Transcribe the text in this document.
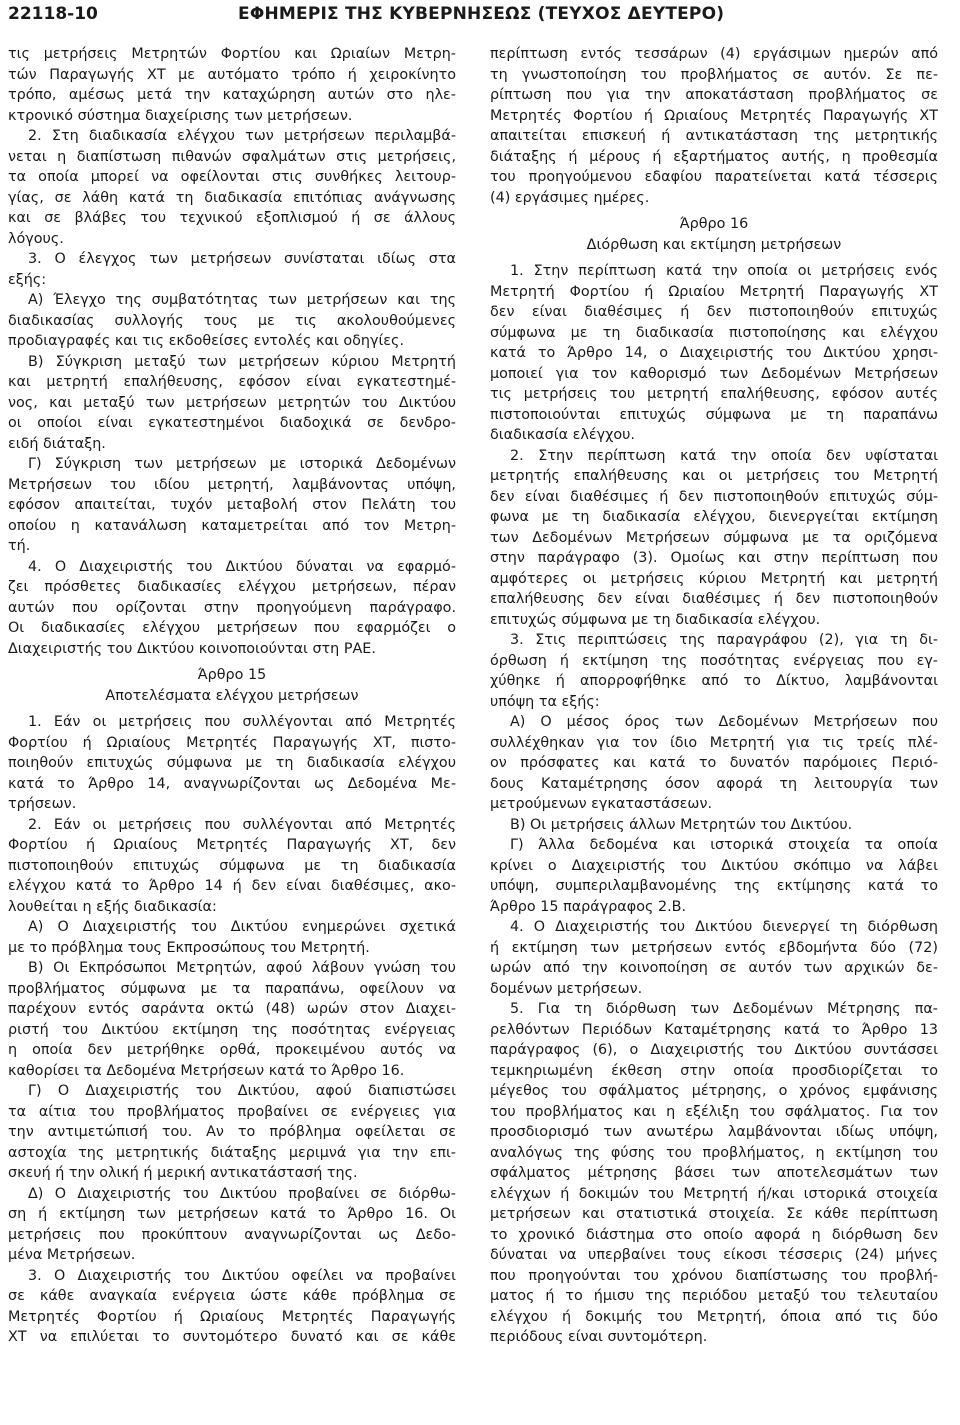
22118-10	ΕΦΗΜΕΡΙΣ ΤΗΣ ΚΥΒΕΡΝΗΣΕΩΣ (ΤΕΥΧΟΣ ΔΕΥΤΕΡΟ)

τις μετρήσεις Μετρητών Φορτίου και Ωριαίων Μετρη-

τών Παραγωγής ΧΤ με αυτόματο τρόπο ή χειροκίνητο

τρόπο, αμέσως μετά την καταχώρηση αυτών στο ηλε-

κτρονικό σύστημα διαχείρισης των μετρήσεων.

2. Στη διαδικασία ελέγχου των μετρήσεων περιλαμβά-

νεται η διαπίστωση πιθανών σφαλμάτων στις μετρήσεις,

τα οποία μπορεί να οφείλονται στις συνθήκες λειτουρ-

γίας, σε λάθη κατά τη διαδικασία επιτόπιας ανάγνωσης

και σε βλάβες του τεχνικού εξοπλισμού ή σε άλλους

λόγους.

3. Ο έλεγχος των μετρήσεων συνίσταται ιδίως στα

εξής:

Α) Έλεγχο της συμβατότητας των μετρήσεων και της

διαδικασίας συλλογής τους με τις ακολουθούμενες

προδιαγραφές και τις εκδοθείσες εντολές και οδηγίες.

Β) Σύγκριση μεταξύ των μετρήσεων κύριου Μετρητή

και μετρητή επαλήθευσης, εφόσον είναι εγκατεστημέ-

νος, και μεταξύ των μετρήσεων μετρητών του Δικτύου

οι οποίοι είναι εγκατεστημένοι διαδοχικά σε δενδρο-

ειδή διάταξη.

Γ) Σύγκριση των μετρήσεων με ιστορικά Δεδομένων

Μετρήσεων του ιδίου μετρητή, λαμβάνοντας υπόψη,

εφόσον απαιτείται, τυχόν μεταβολή στον Πελάτη του

οποίου η κατανάλωση καταμετρείται από τον Μετρη-

τή.

4. Ο Διαχειριστής του Δικτύου δύναται να εφαρμό-

ζει πρόσθετες διαδικασίες ελέγχου μετρήσεων, πέραν

αυτών που ορίζονται στην προηγούμενη παράγραφο.

Οι διαδικασίες ελέγχου μετρήσεων που εφαρμόζει ο

Διαχειριστής του Δικτύου κοινοποιούνται στη ΡΑΕ.

Άρθρο 15

Αποτελέσματα ελέγχου μετρήσεων

1. Εάν οι μετρήσεις που συλλέγονται από Μετρητές

Φορτίου ή Ωριαίους Μετρητές Παραγωγής ΧΤ, πιστο-

ποιηθούν επιτυχώς σύμφωνα με τη διαδικασία ελέγχου

κατά το Άρθρο 14, αναγνωρίζονται ως Δεδομένα Με-

τρήσεων.

2. Εάν οι μετρήσεις που συλλέγονται από Μετρητές

Φορτίου ή Ωριαίους Μετρητές Παραγωγής ΧΤ, δεν

πιστοποιηθούν επιτυχώς σύμφωνα με τη διαδικασία

ελέγχου κατά το Άρθρο 14 ή δεν είναι διαθέσιμες, ακο-

λουθείται η εξής διαδικασία:

Α) Ο Διαχειριστής του Δικτύου ενημερώνει σχετικά

με το πρόβλημα τους Εκπροσώπους του Μετρητή.

Β) Οι Εκπρόσωποι Μετρητών, αφού λάβουν γνώση του

προβλήματος σύμφωνα με τα παραπάνω, οφείλουν να

παρέχουν εντός σαράντα οκτώ (48) ωρών στον Διαχει-

ριστή του Δικτύου εκτίμηση της ποσότητας ενέργειας

η οποία δεν μετρήθηκε ορθά, προκειμένου αυτός να

καθορίσει τα Δεδομένα Μετρήσεων κατά το Άρθρο 16.

Γ) Ο Διαχειριστής του Δικτύου, αφού διαπιστώσει

τα αίτια του προβλήματος προβαίνει σε ενέργειες για

την αντιμετώπισή του. Αν το πρόβλημα οφείλεται σε

αστοχία της μετρητικής διάταξης μεριμνά για την επι-

σκευή ή την ολική ή μερική αντικατάστασή της.

Δ) Ο Διαχειριστής του Δικτύου προβαίνει σε διόρθω-

ση ή εκτίμηση των μετρήσεων κατά το Άρθρο 16. Οι

μετρήσεις που προκύπτουν αναγνωρίζονται ως Δεδο-

μένα Μετρήσεων.

3. Ο Διαχειριστής του Δικτύου οφείλει να προβαίνει

σε κάθε αναγκαία ενέργεια ώστε κάθε πρόβλημα σε

Μετρητές Φορτίου ή Ωριαίους Μετρητές Παραγωγής

ΧΤ να επιλύεται το συντομότερο δυνατό και σε κάθε

περίπτωση εντός τεσσάρων (4) εργάσιμων ημερών από

τη γνωστοποίηση του προβλήματος σε αυτόν. Σε πε-

ρίπτωση που για την αποκατάσταση προβλήματος σε

Μετρητές Φορτίου ή Ωριαίους Μετρητές Παραγωγής ΧΤ

απαιτείται επισκευή ή αντικατάσταση της μετρητικής

διάταξης ή μέρους ή εξαρτήματος αυτής, η προθεσμία

του προηγούμενου εδαφίου παρατείνεται κατά τέσσερις

(4) εργάσιμες ημέρες.

Άρθρο 16

Διόρθωση και εκτίμηση μετρήσεων

1. Στην περίπτωση κατά την οποία οι μετρήσεις ενός

Μετρητή Φορτίου ή Ωριαίου Μετρητή Παραγωγής ΧΤ

δεν είναι διαθέσιμες ή δεν πιστοποιηθούν επιτυχώς

σύμφωνα με τη διαδικασία πιστοποίησης και ελέγχου

κατά το Άρθρο 14, ο Διαχειριστής του Δικτύου χρησι-

μοποιεί για τον καθορισμό των Δεδομένων Μετρήσεων

τις μετρήσεις του μετρητή επαλήθευσης, εφόσον αυτές

πιστοποιούνται επιτυχώς σύμφωνα με τη παραπάνω

διαδικασία ελέγχου.

2. Στην περίπτωση κατά την οποία δεν υφίσταται

μετρητής επαλήθευσης και οι μετρήσεις του Μετρητή

δεν είναι διαθέσιμες ή δεν πιστοποιηθούν επιτυχώς σύμ-

φωνα με τη διαδικασία ελέγχου, διενεργείται εκτίμηση

των Δεδομένων Μετρήσεων σύμφωνα με τα οριζόμενα

στην παράγραφο (3). Ομοίως και στην περίπτωση που

αμφότερες οι μετρήσεις κύριου Μετρητή και μετρητή

επαλήθευσης δεν είναι διαθέσιμες ή δεν πιστοποιηθούν

επιτυχώς σύμφωνα με τη διαδικασία ελέγχου.

3. Στις περιπτώσεις της παραγράφου (2), για τη δι-

όρθωση ή εκτίμηση της ποσότητας ενέργειας που εγ-

χύθηκε ή απορροφήθηκε από το Δίκτυο, λαμβάνονται

υπόψη τα εξής:

Α) Ο μέσος όρος των Δεδομένων Μετρήσεων που

συλλέχθηκαν για τον ίδιο Μετρητή για τις τρείς πλέ-

ον πρόσφατες και κατά το δυνατόν παρόμοιες Περιό-

δους Καταμέτρησης όσον αφορά τη λειτουργία των

μετρούμενων εγκαταστάσεων.

Β) Οι μετρήσεις άλλων Μετρητών του Δικτύου.

Γ) Άλλα δεδομένα και ιστορικά στοιχεία τα οποία

κρίνει ο Διαχειριστής του Δικτύου σκόπιμο να λάβει

υπόψη, συμπεριλαμβανομένης της εκτίμησης κατά το

Άρθρο 15 παράγραφος 2.Β.

4. Ο Διαχειριστής του Δικτύου διενεργεί τη διόρθωση

ή εκτίμηση των μετρήσεων εντός εβδομήντα δύο (72)

ωρών από την κοινοποίηση σε αυτόν των αρχικών δε-

δομένων μετρήσεων.

5. Για τη διόρθωση των Δεδομένων Μέτρησης πα-

ρελθόντων Περιόδων Καταμέτρησης κατά το Άρθρο 13

παράγραφος (6), ο Διαχειριστής του Δικτύου συντάσσει

τεμκηριωμένη έκθεση στην οποία προσδιορίζεται το

μέγεθος του σφάλματος μέτρησης, ο χρόνος εμφάνισης

του προβλήματος και η εξέλιξη του σφάλματος. Για τον

προσδιορισμό των ανωτέρω λαμβάνονται ιδίως υπόψη,

αναλόγως της φύσης του προβλήματος, η εκτίμηση του

σφάλματος μέτρησης βάσει των αποτελεσμάτων των

ελέγχων ή δοκιμών του Μετρητή ή/και ιστορικά στοιχεία

μετρήσεων και στατιστικά στοιχεία. Σε κάθε περίπτωση

το χρονικό διάστημα στο οποίο αφορά η διόρθωση δεν

δύναται να υπερβαίνει τους είκοσι τέσσερις (24) μήνες

που προηγούνται του χρόνου διαπίστωσης του προβλή-

ματος ή το ήμισυ της περιόδου μεταξύ του τελευταίου

ελέγχου ή δοκιμής του Μετρητή, όποια από τις δύο

περιόδους είναι συντομότερη.
